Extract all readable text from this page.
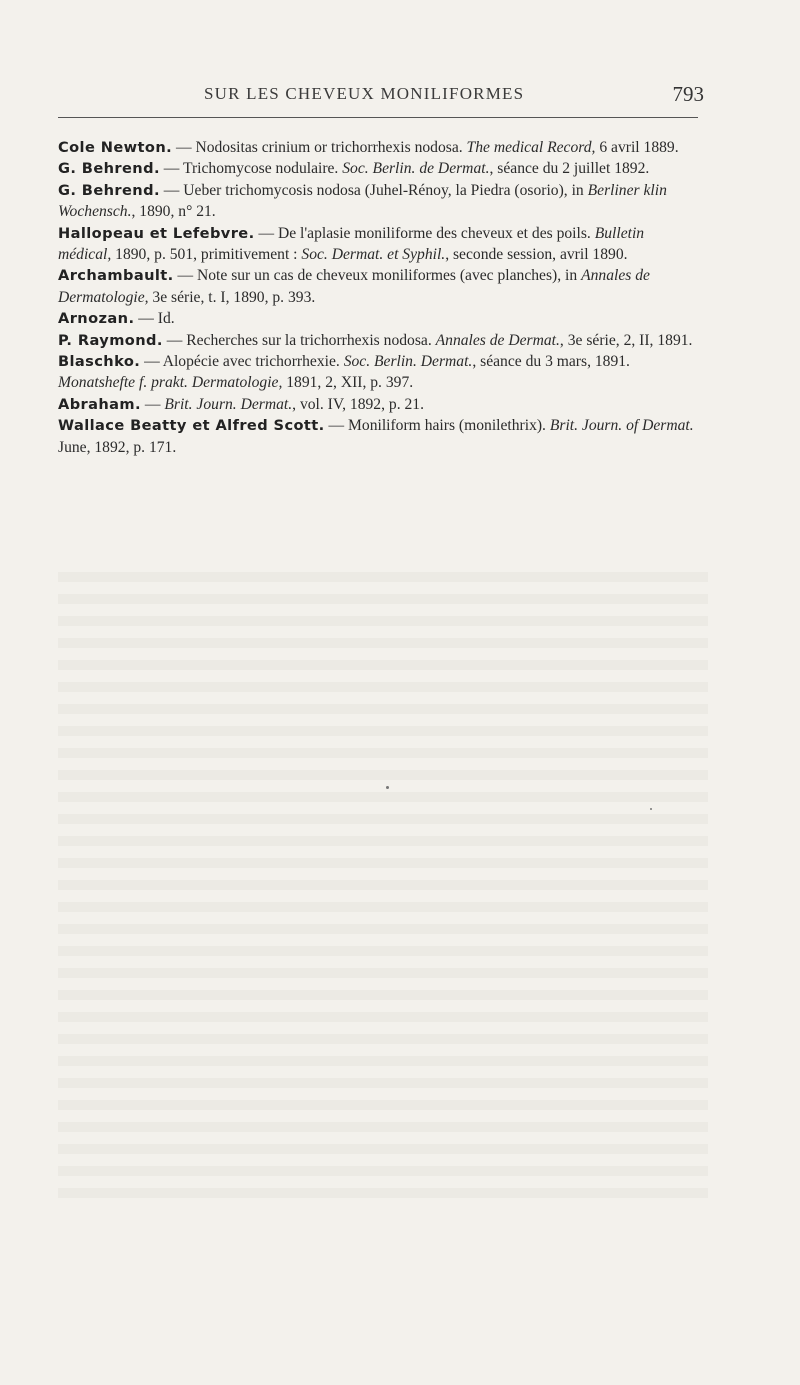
SUR LES CHEVEUX MONILIFORMES	793

Cole Newton. — Nodositas crinium or trichorrhexis nodosa. The medical Record, 6 avril 1889.

G. Behrend. — Trichomycose nodulaire. Soc. Berlin. de Dermat., séance du 2 juillet 1892.

G. Behrend. — Ueber trichomycosis nodosa (Juhel-Rénoy, la Piedra (osorio), in Berliner klin Wochensch., 1890, n° 21.

Hallopeau et Lefebvre. — De l'aplasie moniliforme des cheveux et des poils. Bulletin médical, 1890, p. 501, primitivement : Soc. Dermat. et Syphil., seconde session, avril 1890.

Archambault. — Note sur un cas de cheveux moniliformes (avec planches), in Annales de Dermatologie, 3e série, t. I, 1890, p. 393.

Arnozan. — Id.

P. Raymond. — Recherches sur la trichorrhexis nodosa. Annales de Dermat., 3e série, 2, II, 1891.

Blaschko. — Alopécie avec trichorrhexie. Soc. Berlin. Dermat., séance du 3 mars, 1891. Monatshefte f. prakt. Dermatologie, 1891, 2, XII, p. 397.

Abraham. — Brit. Journ. Dermat., vol. IV, 1892, p. 21.

Wallace Beatty et Alfred Scott. — Moniliform hairs (monilethrix). Brit. Journ. of Dermat. June, 1892, p. 171.
